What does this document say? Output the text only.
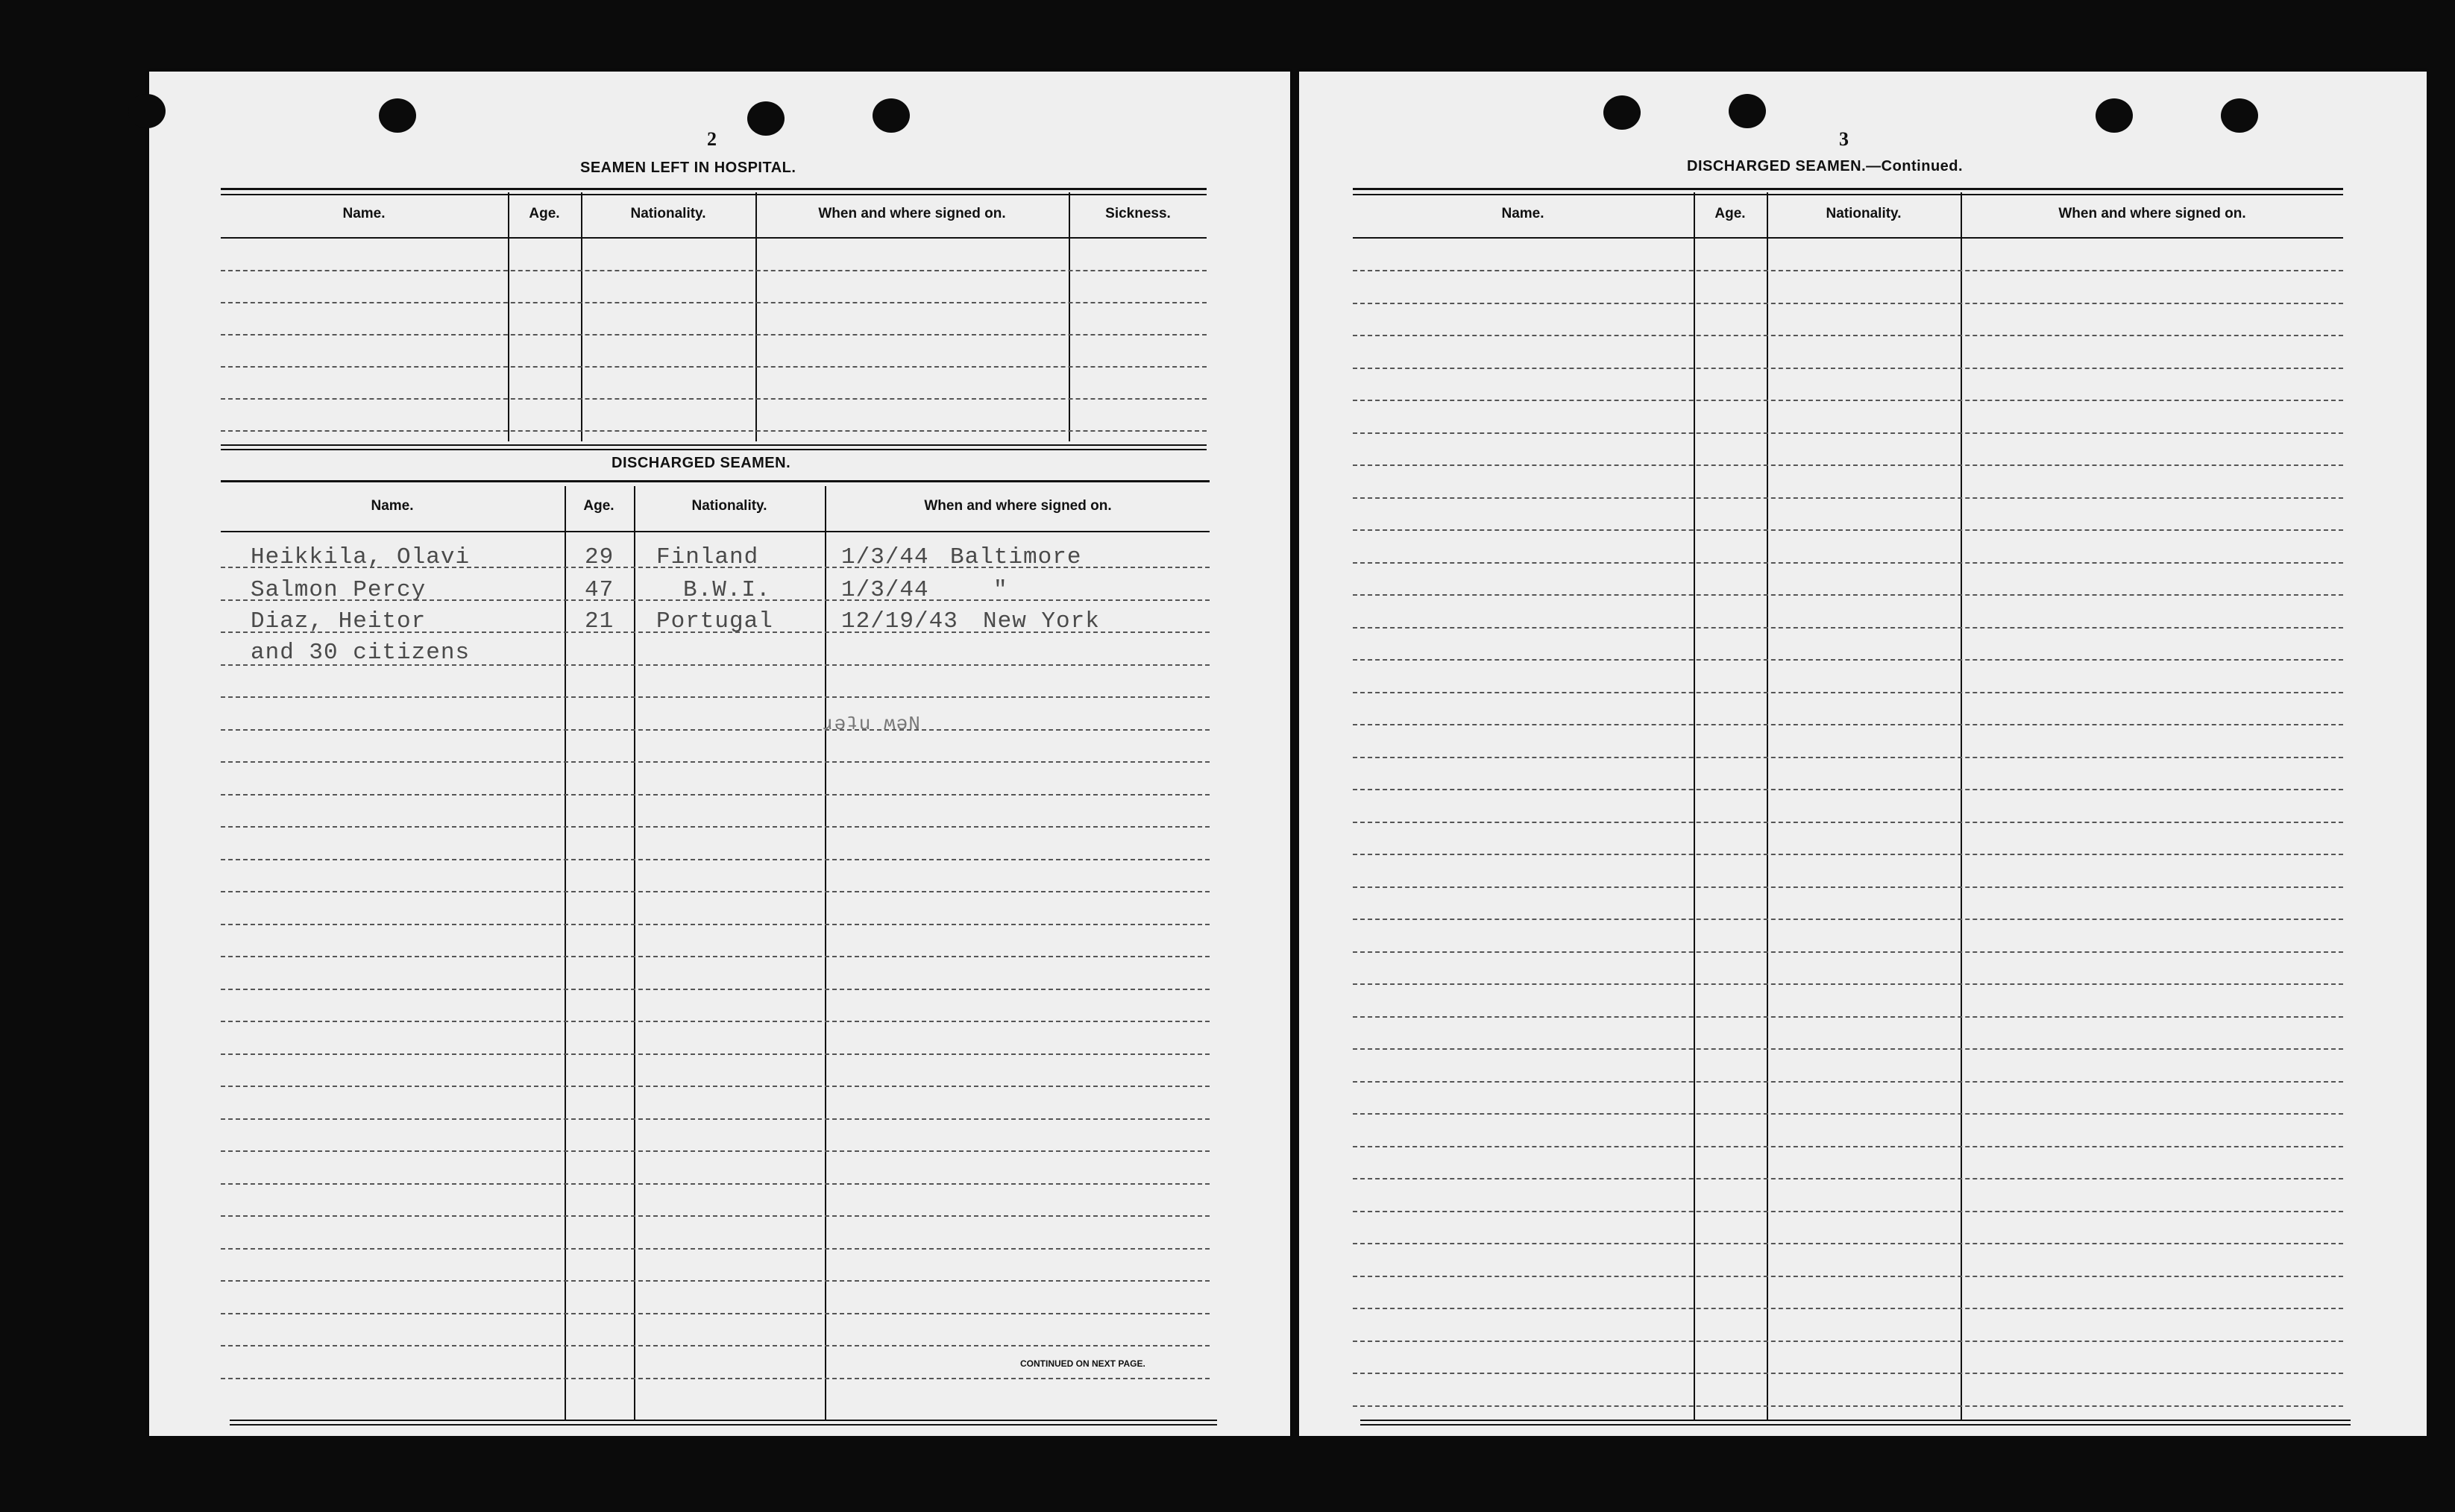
2
SEAMEN LEFT IN HOSPITAL.
Name.	Age.	Nationality.	When and where signed on.	Sickness.
DISCHARGED SEAMEN.
Name.	Age.	Nationality.	When and where signed on.
Heikkila, Olavi	29 Finland	1/3/44 Baltimore
Salmon Percy	47	B.W.I.	1/3/44	"
Diaz, Heitor	21 Portugal	12/19/43 New York
and 30 citizens
ɹəʇu ʍəN
CONTINUED ON NEXT PAGE.
3
DISCHARGED SEAMEN.—Continued.
Name.	Age.	Nationality.	When and where signed on.
